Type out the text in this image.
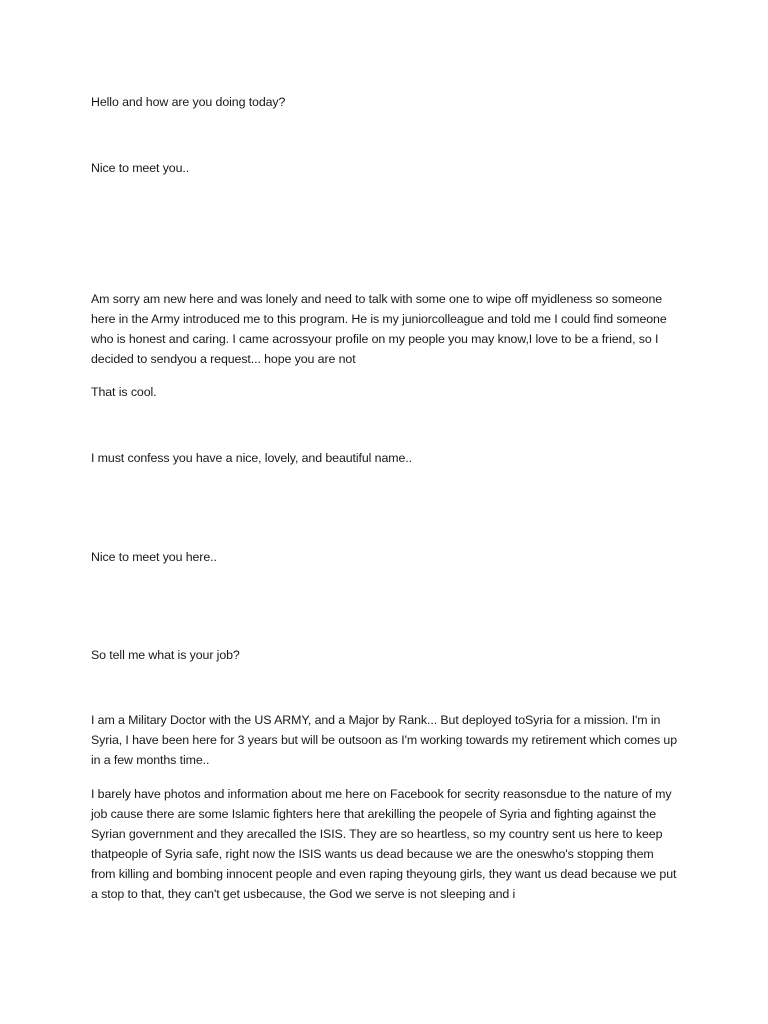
Hello and how are you doing today?

Nice to meet you..

Am sorry am new here and was lonely and need to talk with some one to wipe off myidleness so someone here in the Army introduced me to this program. He is my juniorcolleague and told me I could find someone who is honest and caring. I came acrossyour profile on my people you may know,I love to be a friend, so I decided to sendyou a request... hope you are not

That is cool.

I must confess you have a nice, lovely, and beautiful name..

Nice to meet you here..

So tell me what is your job?

I am a Military Doctor with the US ARMY, and a Major by Rank... But deployed toSyria for a mission. I'm in Syria, I have been here for 3 years but will be outsoon as I'm working towards my retirement which comes up in a few months time..

I barely have photos and information about me here on Facebook for secrity reasonsdue to the nature of my job cause there are some Islamic fighters here that arekilling the peopele of Syria and fighting against the Syrian government and they arecalled the ISIS. They are so heartless, so my country sent us here to keep thatpeople of Syria safe, right now the ISIS wants us dead because we are the oneswho's stopping them from killing and bombing innocent people and even raping theyoung girls, they want us dead because we put a stop to that, they can't get usbecause, the God we serve is not sleeping and i
